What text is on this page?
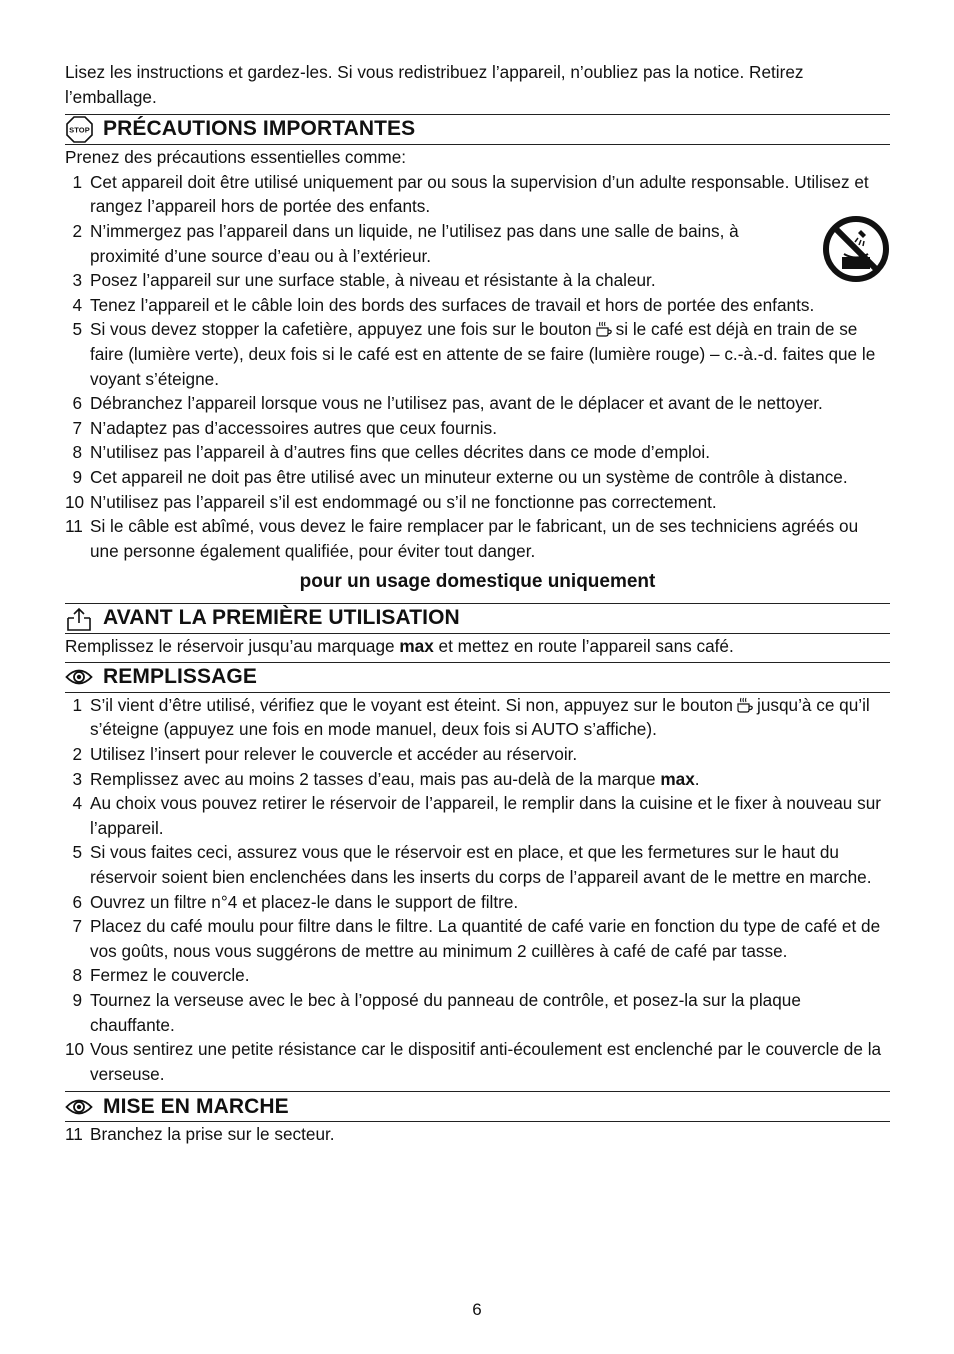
Lisez les instructions et gardez-les. Si vous redistribuez l’appareil, n’oubliez pas la notice. Retirez l’emballage.

STOP PRÉCAUTIONS IMPORTANTES

Prenez des précautions essentielles comme:

1 Cet appareil doit être utilisé uniquement par ou sous la supervision d’un adulte responsable. Utilisez et rangez l’appareil hors de portée des enfants.
2 N’immergez pas l’appareil dans un liquide, ne l’utilisez pas dans une salle de bains, à proximité d’une source d’eau ou à l’extérieur.
3 Posez l’appareil sur une surface stable, à niveau et résistante à la chaleur.
4 Tenez l’appareil et le câble loin des bords des surfaces de travail et hors de portée des enfants.
5 Si vous devez stopper la cafetière, appuyez une fois sur le bouton si le café est déjà en train de se faire (lumière verte), deux fois si le café est en attente de se faire (lumière rouge) – c.-à.-d. faites que le voyant s’éteigne.
6 Débranchez l’appareil lorsque vous ne l’utilisez pas, avant de le déplacer et avant de le nettoyer.
7 N’adaptez pas d’accessoires autres que ceux fournis.
8 N’utilisez pas l’appareil à d’autres fins que celles décrites dans ce mode d’emploi.
9 Cet appareil ne doit pas être utilisé avec un minuteur externe ou un système de contrôle à distance.
10 N’utilisez pas l’appareil s’il est endommagé ou s’il ne fonctionne pas correctement.
11 Si le câble est abîmé, vous devez le faire remplacer par le fabricant, un de ses techniciens agréés ou une personne également qualifiée, pour éviter tout danger.

pour un usage domestique uniquement

AVANT LA PREMIÈRE UTILISATION

Remplissez le réservoir jusqu’au marquage max et mettez en route l’appareil sans café.

REMPLISSAGE
1 S’il vient d’être utilisé, vérifiez que le voyant est éteint. Si non, appuyez sur le bouton jusqu’à ce qu’il s’éteigne (appuyez une fois en mode manuel, deux fois si AUTO s’affiche).
2 Utilisez l’insert pour relever le couvercle et accéder au réservoir.
3 Remplissez avec au moins 2 tasses d’eau, mais pas au-delà de la marque max.
4 Au choix vous pouvez retirer le réservoir de l’appareil, le remplir dans la cuisine et le fixer à nouveau sur l’appareil.
5 Si vous faites ceci, assurez vous que le réservoir est en place, et que les fermetures sur le haut du réservoir soient bien enclenchées dans les inserts du corps de l’appareil avant de le mettre en marche.
6 Ouvrez un filtre n°4 et placez-le dans le support de filtre.
7 Placez du café moulu pour filtre dans le filtre. La quantité de café varie en fonction du type de café et de vos goûts, nous vous suggérons de mettre au minimum 2 cuillères à café de café par tasse.
8 Fermez le couvercle.
9 Tournez la verseuse avec le bec à l’opposé du panneau de contrôle, et posez-la sur la plaque chauffante.
10 Vous sentirez une petite résistance car le dispositif anti-écoulement est enclenché par le couvercle de la verseuse.
MISE EN MARCHE
11 Branchez la prise sur le secteur.
6
